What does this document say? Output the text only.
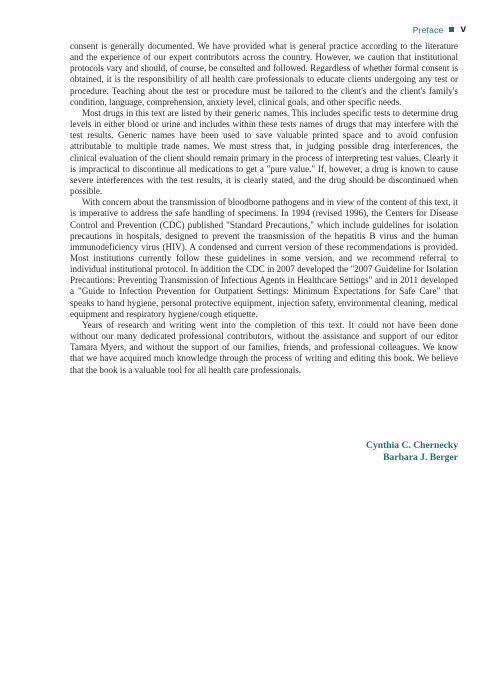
Preface v

consent is generally documented. We have provided what is general practice according to the literature and the experience of our expert contributors across the country. However, we caution that institutional protocols vary and should, of course, be consulted and followed. Regardless of whether formal consent is obtained, it is the responsibility of all health care professionals to educate clients undergoing any test or procedure. Teaching about the test or procedure must be tailored to the client's and the client's family's condition, language, comprehension, anxiety level, clinical goals, and other specific needs.

Most drugs in this text are listed by their generic names. This includes specific tests to determine drug levels in either blood or urine and includes within these tests names of drugs that may interfere with the test results. Generic names have been used to save valuable printed space and to avoid confusion attributable to multiple trade names. We must stress that, in judging possible drug interferences, the clinical evaluation of the client should remain primary in the process of interpreting test values. Clearly it is impractical to discontinue all medications to get a "pure value." If, however, a drug is known to cause severe interferences with the test results, it is clearly stated, and the drug should be discontinued when possible.

With concern about the transmission of bloodborne pathogens and in view of the content of this text, it is imperative to address the safe handling of specimens. In 1994 (revised 1996), the Centers for Disease Control and Prevention (CDC) published "Standard Precautions," which include guidelines for isolation precautions in hospitals, designed to prevent the transmission of the hepatitis B virus and the human immunodeficiency virus (HIV). A condensed and current version of these recommendations is provided. Most institutions currently follow these guidelines in some version, and we recommend referral to individual institutional protocol. In addition the CDC in 2007 developed the "2007 Guideline for Isolation Precautions: Preventing Transmission of Infectious Agents in Healthcare Settings" and in 2011 developed a "Guide to Infection Prevention for Outpatient Settings: Minimum Expectations for Safe Care" that speaks to hand hygiene, personal protective equipment, injection safety, environmental cleaning, medical equipment and respiratory hygiene/cough etiquette.

Years of research and writing went into the completion of this text. It could not have been done without our many dedicated professional contributors, without the assistance and support of our editor Tamara Myers, and without the support of our families, friends, and professional colleagues. We know that we have acquired much knowledge through the process of writing and editing this book. We believe that the book is a valuable tool for all health care professionals.

Cynthia C. Chernecky
Barbara J. Berger
